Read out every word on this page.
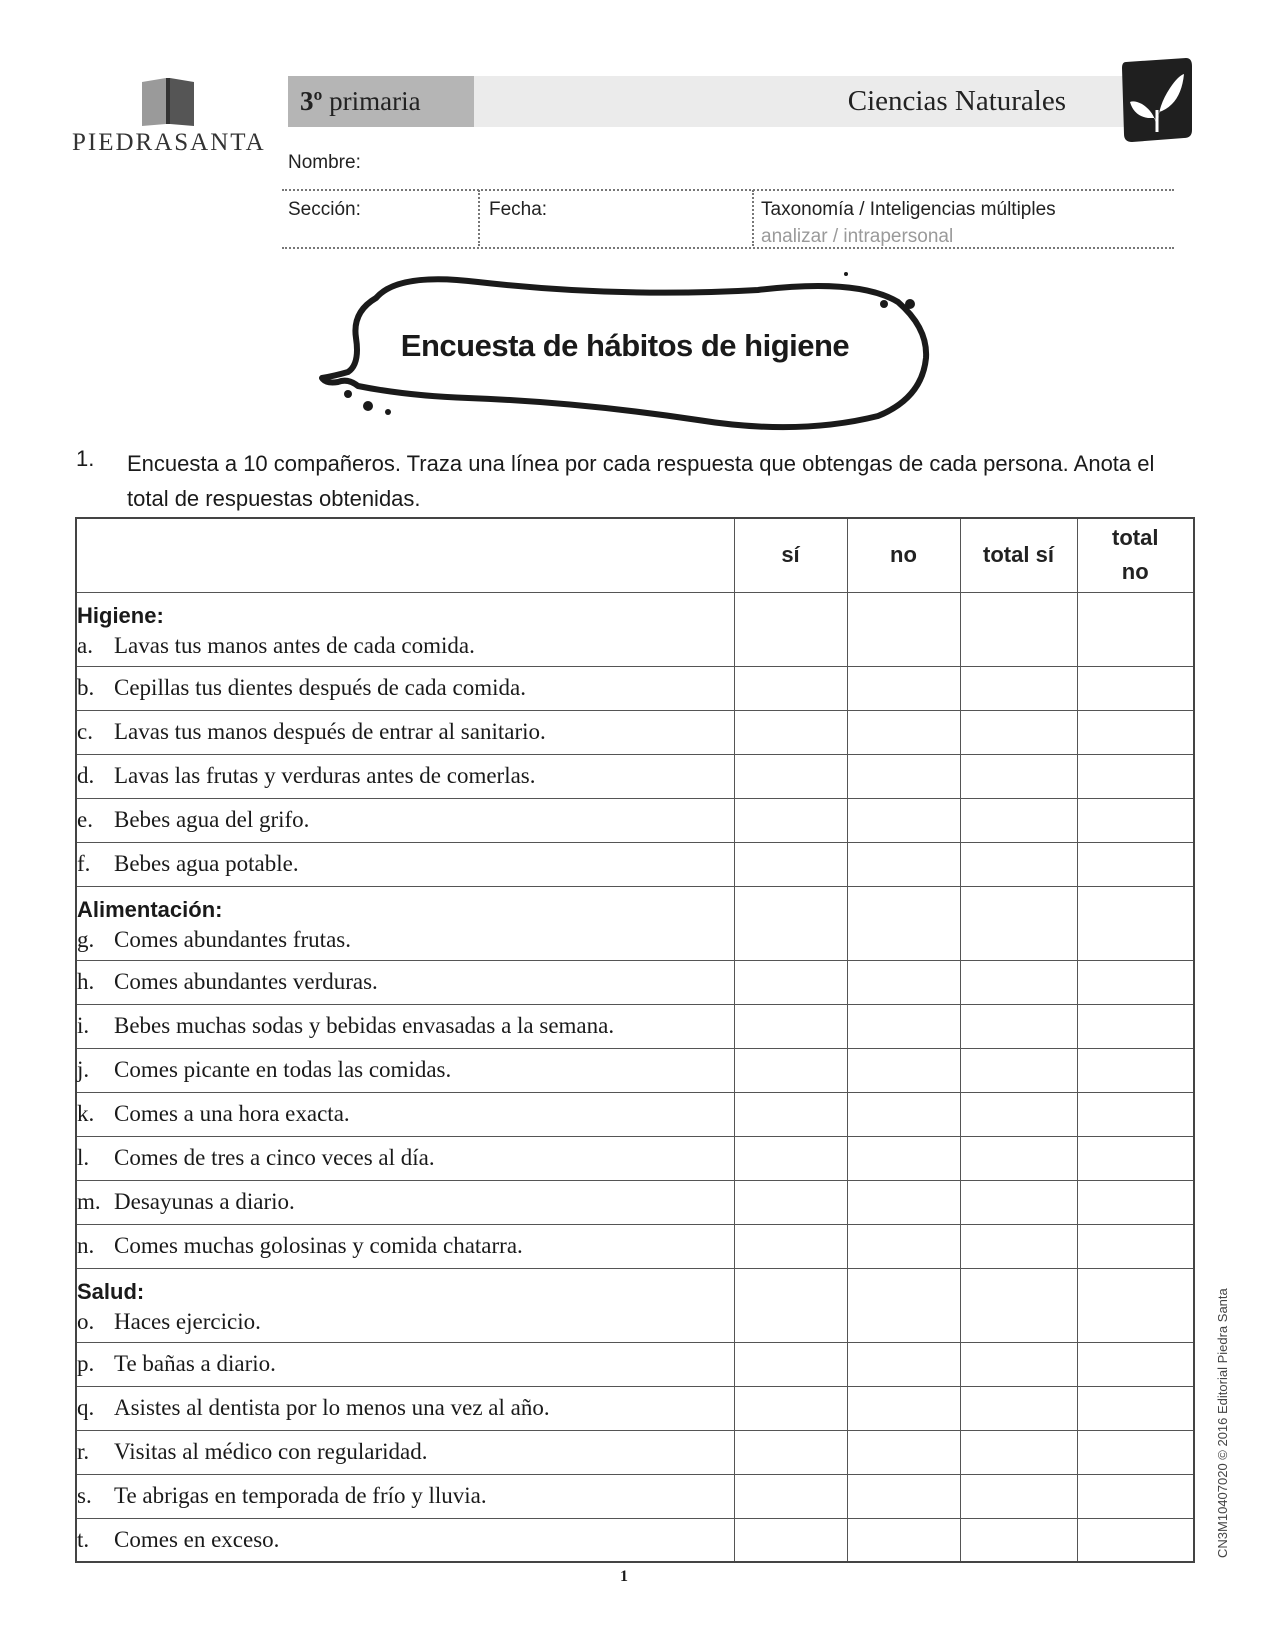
PIEDRASANTA
3º primaria	Ciencias Naturales
Nombre:
Sección:	Fecha:	Taxonomía / Inteligencias múltiples
analizar / intrapersonal
Encuesta de hábitos de higiene
1. Encuesta a 10 compañeros. Traza una línea por cada respuesta que obtengas de cada persona. Anota el total de respuestas obtenidas.
	sí	no	total sí	total no

Higiene:
a. Lavas tus manos antes de cada comida.				
b. Cepillas tus dientes después de cada comida.				
c. Lavas tus manos después de entrar al sanitario.				
d. Lavas las frutas y verduras antes de comerlas.				
e. Bebes agua del grifo.				
f. Bebes agua potable.				

Alimentación:
g. Comes abundantes frutas.				
h. Comes abundantes verduras.				
i. Bebes muchas sodas y bebidas envasadas a la semana.				
j. Comes picante en todas las comidas.				
k. Comes a una hora exacta.				
l. Comes de tres a cinco veces al día.				
m. Desayunas a diario.				
n. Comes muchas golosinas y comida chatarra.				

Salud:
o. Haces ejercicio.				
p. Te bañas a diario.				
q. Asistes al dentista por lo menos una vez al año.				
r. Visitas al médico con regularidad.				
s. Te abrigas en temporada de frío y lluvia.				
t. Comes en exceso.				
1
CN3M10407020 © 2016 Editorial Piedra Santa
